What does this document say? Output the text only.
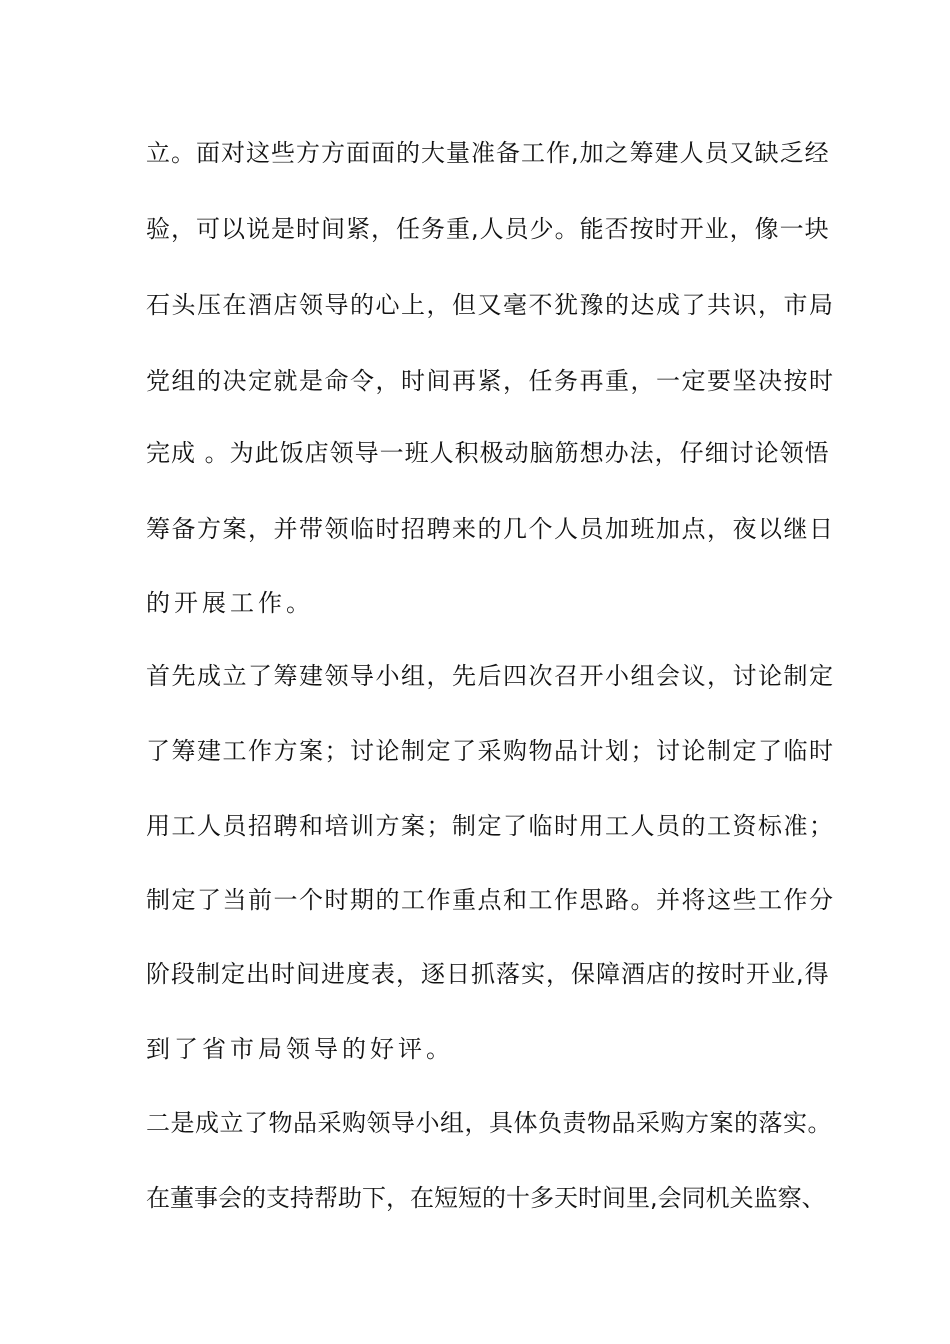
立。面对这些方方面面的大量准备工作,加之筹建人员又缺乏经
验，可以说是时间紧，任务重,人员少。能否按时开业，像一块
石头压在酒店领导的心上，但又毫不犹豫的达成了共识，市局
党组的决定就是命令，时间再紧，任务再重，一定要坚决按时
完成 。为此饭店领导一班人积极动脑筋想办法，仔细讨论领悟
筹备方案，并带领临时招聘来的几个人员加班加点，夜以继日
的开展工作。
首先成立了筹建领导小组，先后四次召开小组会议，讨论制定
了筹建工作方案；讨论制定了采购物品计划；讨论制定了临时
用工人员招聘和培训方案；制定了临时用工人员的工资标准；
制定了当前一个时期的工作重点和工作思路。并将这些工作分
阶段制定出时间进度表，逐日抓落实，保障酒店的按时开业,得
到了省市局领导的好评。
二是成立了物品采购领导小组，具体负责物品采购方案的落实。
在董事会的支持帮助下，在短短的十多天时间里,会同机关监察、
